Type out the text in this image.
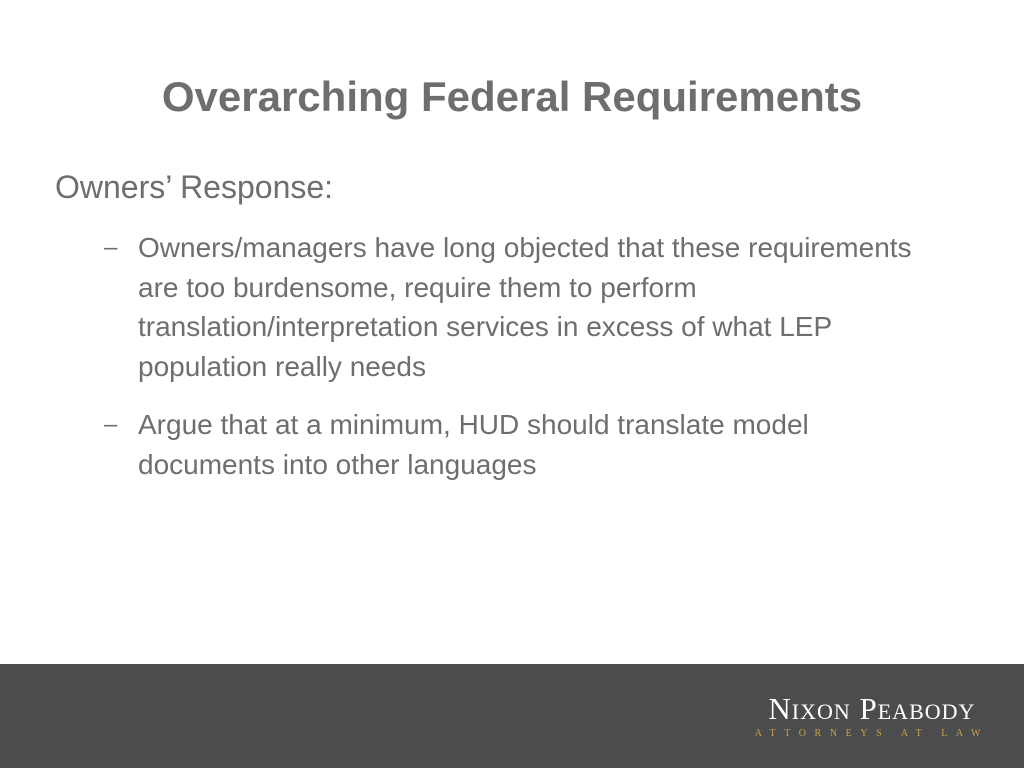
Overarching Federal Requirements

Owners’ Response:

– Owners/managers have long objected that these requirements are too burdensome, require them to perform translation/interpretation services in excess of what LEP population really needs
– Argue that at a minimum, HUD should translate model documents into other languages
Nixon Peabody
ATTORNEYS AT LAW
